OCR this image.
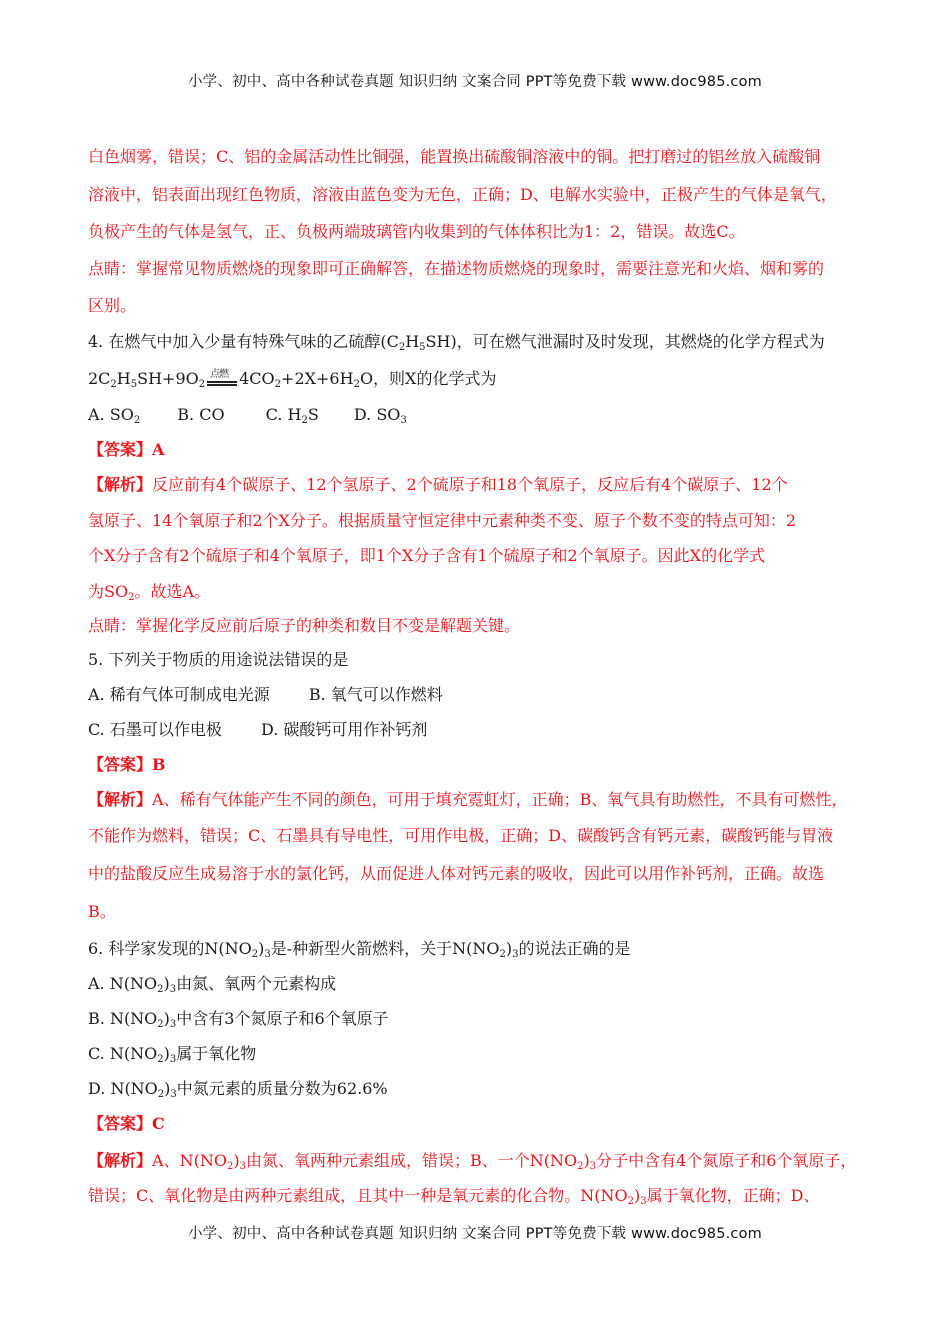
小学、初中、高中各种试卷真题 知识归纳 文案合同 PPT等免费下载 www.doc985.com
白色烟雾，错误；C、铝的金属活动性比铜强，能置换出硫酸铜溶液中的铜。把打磨过的铝丝放入硫酸铜
溶液中，铝表面出现红色物质，溶液由蓝色变为无色，正确；D、电解水实验中，正极产生的气体是氧气，
负极产生的气体是氢气，正、负极两端玻璃管内收集到的气体体积比为1：2，错误。故选C。
点睛：掌握常见物质燃烧的现象即可正确解答，在描述物质燃烧的现象时，需要注意光和火焰、烟和雾的
区别。
4. 在燃气中加入少量有特殊气味的乙硫醇$(C_2H_5SH)$，可在燃气泄漏时及时发现，其燃烧的化学方程式为
$2C_2H_5SH+9O_2$
点燃 $4CO_2+2X+6H_2O$，则X的化学式为
A. $SO_2$ B. CO	C. $H_2S$ D. $SO_3$
【答案】A
【解析】反应前有4个碳原子、12个氢原子、2个硫原子和18个氧原子，反应后有4个碳原子、12个
氢原子、14个氧原子和2个X分子。根据质量守恒定律中元素种类不变、原子个数不变的特点可知：2
个X分子含有2个硫原子和4个氧原子，即1个X分子含有1个硫原子和2个氧原子。因此X的化学式
为$SO_2$。故选A。
点睛：掌握化学反应前后原子的种类和数目不变是解题关键。
5. 下列关于物质的用途说法错误的是
A. 稀有气体可制成电光源 B. 氧气可以作燃料
C. 石墨可以作电极 D. 碳酸钙可用作补钙剂
【答案】B
【解析】A、稀有气体能产生不同的颜色，可用于填充霓虹灯，正确；B、氧气具有助燃性，不具有可燃性，
不能作为燃料，错误；C、石墨具有导电性，可用作电极，正确；D、碳酸钙含有钙元素，碳酸钙能与胃液
中的盐酸反应生成易溶于水的氯化钙，从而促进人体对钙元素的吸收，因此可以用作补钙剂，正确。故选
B。
6. 科学家发现的$N(NO_2)_3$是-种新型火箭燃料，关于$N(NO_2)_3$的说法正确的是
A. $N(NO_2)_3$由氮、氧两个元素构成
B. $N(NO_2)_3$中含有3个氮原子和6个氧原子
C. $N(NO_2)_3$属于氧化物
D. $N(NO_2)_3$中氮元素的质量分数为62.6%
【答案】C
【解析】A、$N(NO_2)_3$由氮、氧两种元素组成，错误；B、一个$N(NO_2)_3$分子中含有4个氮原子和6个氧原子，
错误；C、氧化物是由两种元素组成，且其中一种是氧元素的化合物。$N(NO_2)_3$属于氧化物，正确；D、
小学、初中、高中各种试卷真题 知识归纳 文案合同 PPT等免费下载 www.doc985.com
